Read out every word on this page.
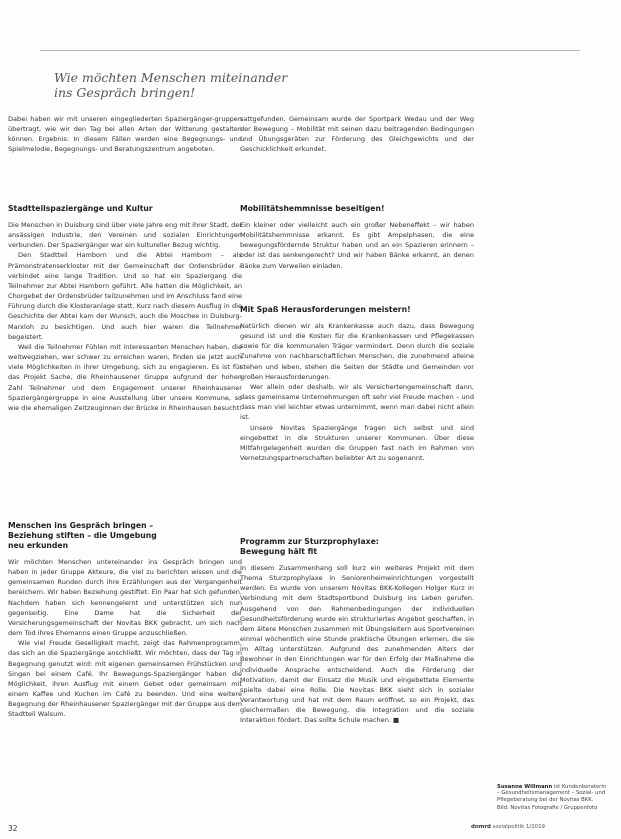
Wie möchten Menschen miteinander
ins Gespräch bringen!

Dabei haben wir mit unseren eingegliederten Spaziergänger-gruppen übertragt, wie wir den Tag bei allen Arten der Witterung gestalten können. Ergebnis: In diesem Fällen werden eine Begegnungs- und Spielmelodie, Begegnungs- und Beratungszentrum angeboten.

Stadtteilspaziergänge und Kultur

Die Menschen in Duisburg sind über viele Jahre eng mit ihrer Stadt, der ansässigen Industrie, den Vereinen und sozialen Einrichtungen verbunden. Der Spaziergänger war ein kultureller Bezug wichtig.

Den Stadtteil Hamborn und die Abtei Hamborn – als Prämonstratenserkloster mit der Gemeinschaft der Ordensbrüder – verbindet eine lange Tradition. Und so hat ein Spaziergang die Teilnehmer zur Abtei Hamborn geführt. Alle hatten die Möglichkeit, an Chorgebet der Ordensbrüder teilzunehmen und im Anschluss fand eine Führung durch die Klosteranlage statt. Kurz nach diesem Ausflug in die Geschichte der Abtei kam der Wunsch, auch die Moschee in Duisburg-Marxloh zu besichtigen. Und auch hier waren die Teilnehmer begeistert.

Weil die Teilnehmer Fühlen mit interessanten Menschen haben, die weitwegziehen, wer schwer zu erreichen waren, finden sie jetzt auch viele Möglichkeiten in ihrer Umgebung, sich zu engagieren. Es ist für das Projekt Sache, die Rheinhausener Gruppe aufgrund der hohen Zahl Teilnehmer und dem Engagement unserer Rheinhausener Spaziergängergruppe in eine Ausstellung über unsere Kommune, so wie die ehemaligen Zeitzeuginnen der Brücke in Rheinhausen besucht.

Menschen ins Gespräch bringen –

Beziehung stiften – die Umgebung

neu erkunden

Wir möchten Menschen untereinander ins Gespräch bringen und haben in jeder Gruppe Akteure, die viel zu berichten wissen und die gemeinsamen Runden durch ihre Erzählungen aus der Vergangenheit bereichern. Wir haben Beziehung gestiftet. Ein Paar hat sich gefunden. Nachdem haben sich kennengelernt und unterstützen sich nun gegenseitig. Eine Dame hat die Sicherheit der Versicherungsgemeinschaft der Novitas BKK gebracht, um sich nach dem Tod ihres Ehemanns einen Gruppe anzuschließen.

Wie viel Freude Geselligkeit macht, zeigt das Rahmenprogramm, das sich an die Spaziergänge anschließt. Wir möchten, dass der Tag in Begegnung genutzt wird: mit eigenen gemeinsamen Frühstücken und Singen bei einem Café. Ihr Bewegungs-Spaziergänger haben die Möglichkeit, ihren Ausflug mit einem Gebet oder gemeinsam mit einem Kaffee und Kuchen im Café zu beenden. Und eine weitere Begegnung der Rheinhausener Spaziergänger mit der Gruppe aus dem Stadtteil Walsum.

sattgefunden. Gemeinsam wurde der Sportpark Wedau und der Weg der Bewegung – Mobilität mit seinen dazu beitragenden Bedingungen und Übungsgeräten zur Förderung des Gleichgewichts und der Geschicklichkeit erkundet.

Mobilitätshemmnisse beseitigen!

Ein kleiner oder vielleicht auch ein großer Nebeneffekt – wir haben Mobilitätshemmnisse erkannt. Es gibt Ampelphasen, die eine bewegungsfördernde Struktur haben und an ein Spazieren erinnern – oder ist das senkengerecht? Und wir haben Bänke erkannt, an denen Bänke zum Verweilen einladen.

Mit Spaß Herausforderungen meistern!

Natürlich dienen wir als Krankenkasse auch dazu, dass Bewegung gesund ist und die Kosten für die Krankenkassen und Pflegekassen sowie für die kommunalen Träger vermindert. Denn durch die soziale Zunahme von nachbarschaftlichen Menschen, die zunehmend alleine stehen und leben, stehen die Seiten der Städte und Gemeinden vor großen Herausforderungen.

Wer allein oder deshalb, wir als Versichertengemeinschaft dann, dass gemeinsame Unternehmungen oft sehr viel Freude machen – und dass man viel leichter etwas unternimmt, wenn man dabei nicht allein ist.

Unsere Novitas Spaziergänge fragen sich selbst und sind eingebettet in die Strukturen unserer Kommunen. Über diese Mitfahrgelegenheit wurden die Gruppen fast nach im Rahmen von Vernetzungspartnerschaften beliebter Art zu sogenannt.

Programm zur Sturzprophylaxe:

Bewegung hält fit

In diesem Zusammenhang soll kurz ein weiteres Projekt mit dem Thema Sturzprophylaxe in Seniorenheimeinrichtungen vorgestellt werden. Es wurde von unserem Novitas BKK-Kollegen Holger Kurz in Verbindung mit dem Stadtsportbund Duisburg ins Leben gerufen. Ausgehend von den Rahmenbedingungen der individuellen Gesundheitsförderung wurde ein strukturiertes Angebot geschaffen, in dem ältere Menschen zusammen mit Übungsleitern aus Sportvereinen einmal wöchentlich eine Stunde praktische Übungen erlernen, die sie im Alltag unterstützen. Aufgrund des zunehmenden Alters der Bewohner in den Einrichtungen war für den Erfolg der Maßnahme die individuelle Ansprache entscheidend. Auch die Förderung der Motivation, damit der Einsatz die Musik und eingebettete Elemente spielte dabei eine Rolle. Die Novitas BKK sieht sich in sozialer Verantwortung und hat mit dem Raum eröffnet, so ein Projekt, das gleichermaßen die Bewegung, die Integration und die soziale Interaktion fördert. Das sollte Schule machen. ■

Susanne Willmann ist Kundenberaterin – Gesundheitsmanagement – Sozial- und Pflegeberatung bei der Novitas BKK.

Bild: Novitas Fotografie / Gruppenfoto

32	dnmrd sozialpolitik 1/2019
